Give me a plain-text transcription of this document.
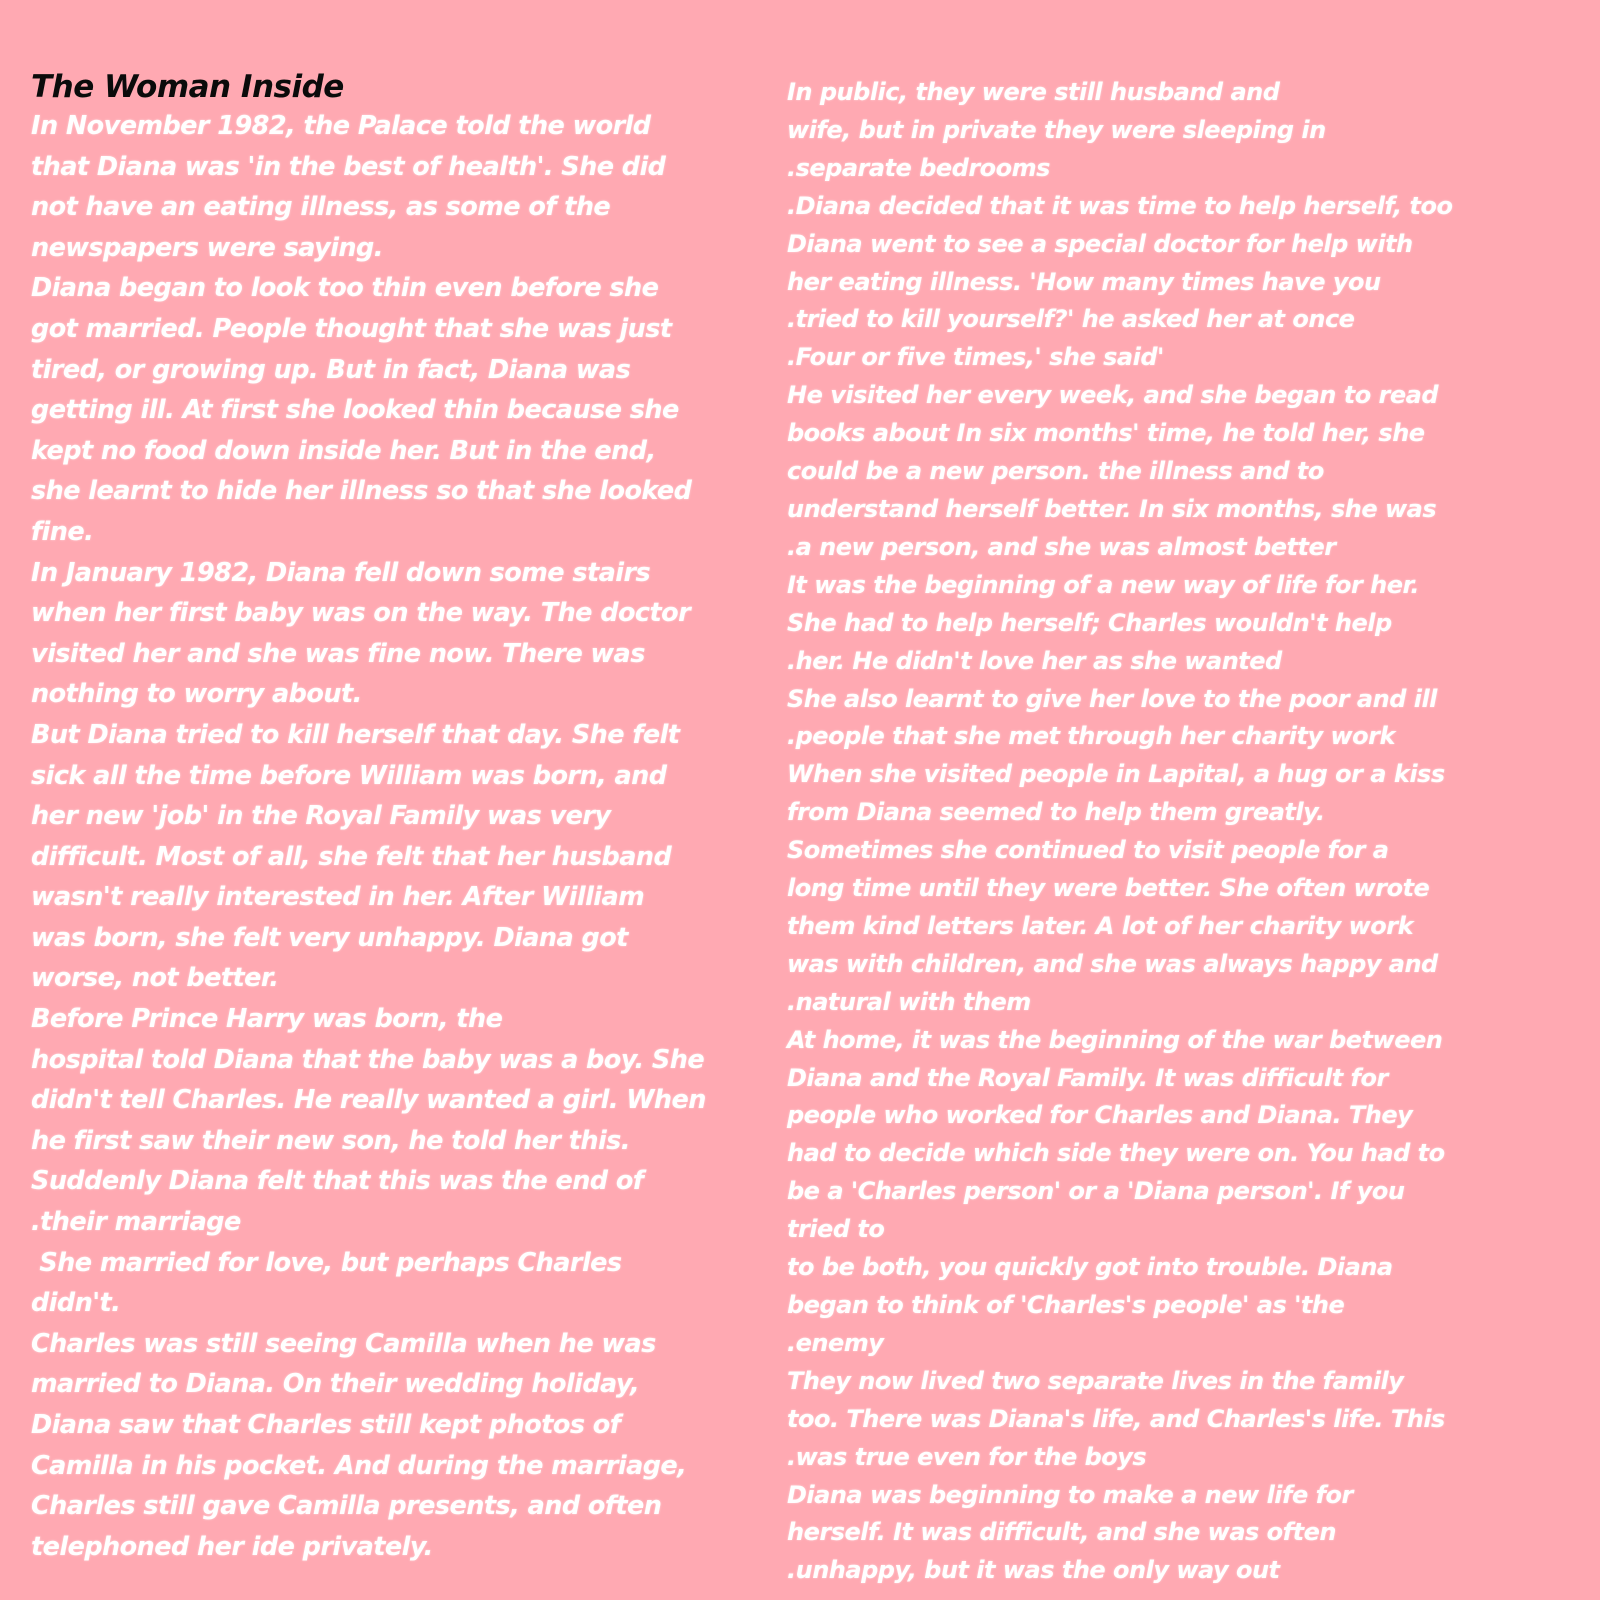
The Woman Inside
In November 1982, the Palace told the world
that Diana was 'in the best of health'. She did
not have an eating illness, as some of the
newspapers were saying.
Diana began to look too thin even before she
got married. People thought that she was just
tired, or growing up. But in fact, Diana was
getting ill. At first she looked thin because she
kept no food down inside her. But in the end,
she learnt to hide her illness so that she looked
fine.
In January 1982, Diana fell down some stairs
when her first baby was on the way. The doctor
visited her and she was fine now. There was
nothing to worry about.
But Diana tried to kill herself that day. She felt
sick all the time before William was born, and
her new 'job' in the Royal Family was very
difficult. Most of all, she felt that her husband
wasn't really interested in her. After William
was born, she felt very unhappy. Diana got
worse, not better.
Before Prince Harry was born, the
hospital told Diana that the baby was a boy. She
didn't tell Charles. He really wanted a girl. When
he first saw their new son, he told her this.
Suddenly Diana felt that this was the end of
.their marriage
She married for love, but perhaps Charles
didn't.
Charles was still seeing Camilla when he was
married to Diana. On their wedding holiday,
Diana saw that Charles still kept photos of
Camilla in his pocket. And during the marriage,
Charles still gave Camilla presents, and often
telephoned her ide privately.
In public, they were still husband and
wife, but in private they were sleeping in
.separate bedrooms
.Diana decided that it was time to help herself, too
Diana went to see a special doctor for help with
her eating illness. 'How many times have you
.tried to kill yourself?' he asked her at once
.Four or five times,' she said'
He visited her every week, and she began to read
books about In six months' time, he told her, she
could be a new person. the illness and to
understand herself better. In six months, she was
.a new person, and she was almost better
It was the beginning of a new way of life for her.
She had to help herself; Charles wouldn't help
.her. He didn't love her as she wanted
She also learnt to give her love to the poor and ill
.people that she met through her charity work
When she visited people in Lapital, a hug or a kiss
from Diana seemed to help them greatly.
Sometimes she continued to visit people for a
long time until they were better. She often wrote
them kind letters later. A lot of her charity work
was with children, and she was always happy and
.natural with them
At home, it was the beginning of the war between
Diana and the Royal Family. It was difficult for
people who worked for Charles and Diana. They
had to decide which side they were on. You had to
be a 'Charles person' or a 'Diana person'. If you
tried to
to be both, you quickly got into trouble. Diana
began to think of 'Charles's people' as 'the
.enemy
They now lived two separate lives in the family
too. There was Diana's life, and Charles's life. This
.was true even for the boys
Diana was beginning to make a new life for
herself. It was difficult, and she was often
.unhappy, but it was the only way out
